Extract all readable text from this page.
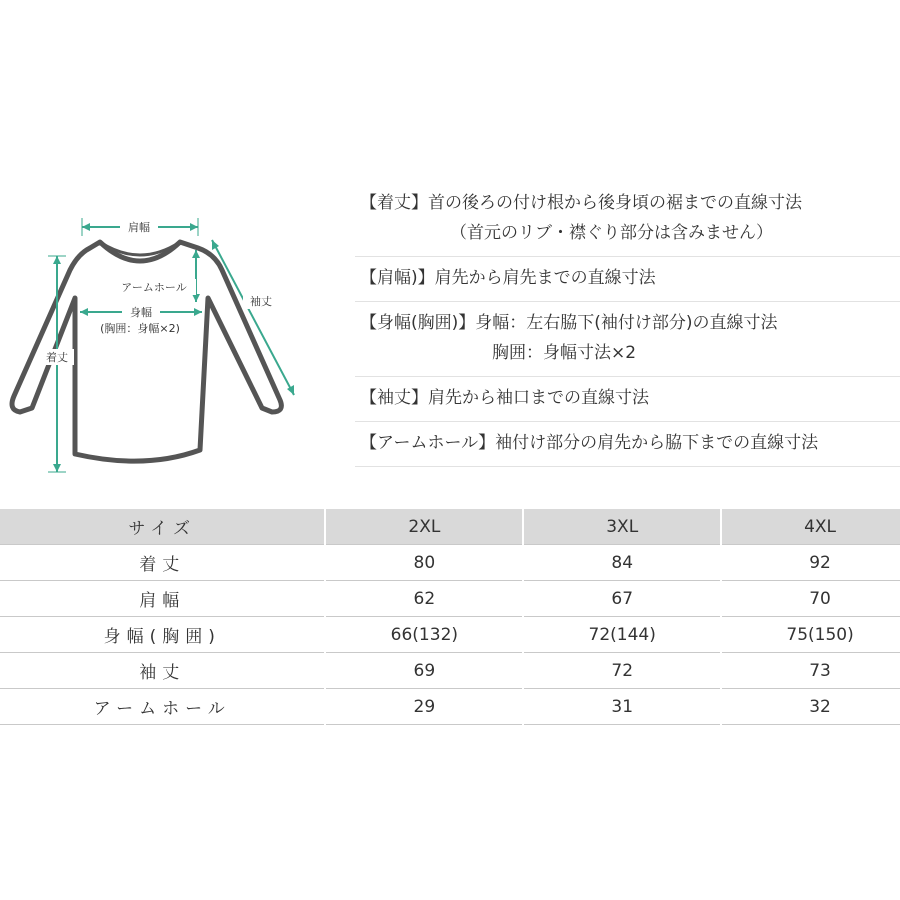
肩幅
アームホール
身幅
(胸囲：身幅×2)
着丈
袖丈
【着丈】首の後ろの付け根から後身頃の裾までの直線寸法
（首元のリブ・襟ぐり部分は含みません）
【肩幅)】肩先から肩先までの直線寸法
【身幅(胸囲)】身幅：左右脇下(袖付け部分)の直線寸法
胸囲：身幅寸法×2
【袖丈】肩先から袖口までの直線寸法
【アームホール】袖付け部分の肩先から脇下までの直線寸法
サイズ	2XL	3XL	4XL
着丈	80	84	92
肩幅	62	67	70
身幅(胸囲)	66(132)	72(144)	75(150)
袖丈	69	72	73
アームホール	29	31	32
